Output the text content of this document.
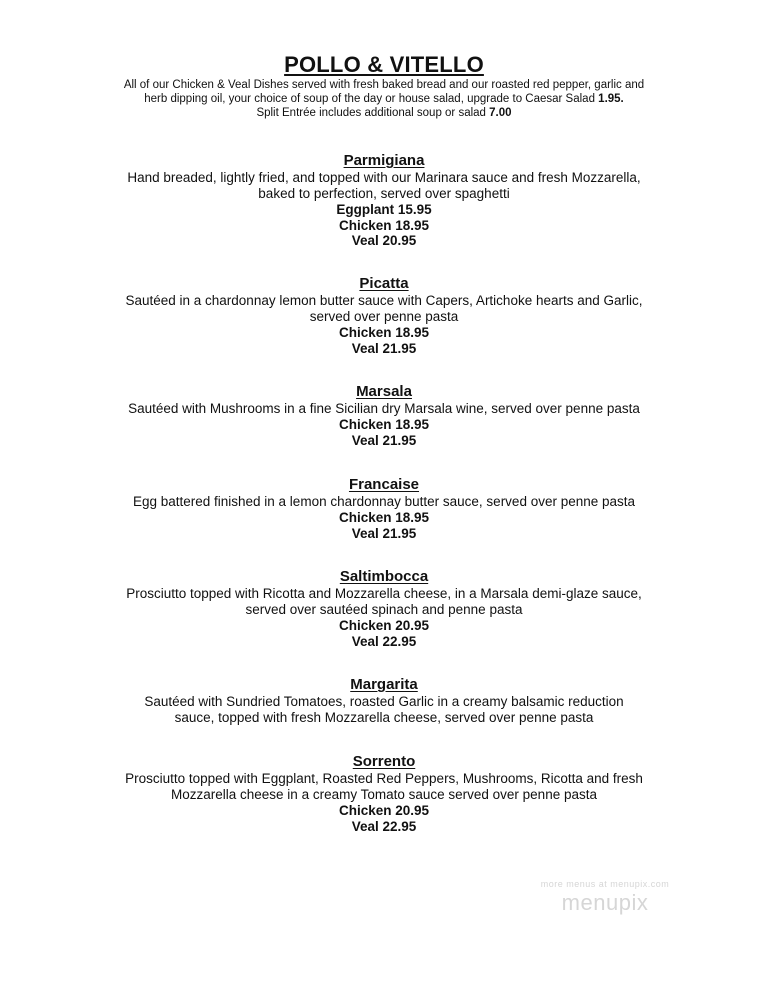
POLLO & VITELLO
All of our Chicken & Veal Dishes served with fresh baked bread and our roasted red pepper, garlic and
herb dipping oil, your choice of soup of the day or house salad, upgrade to Caesar Salad 1.95.
Split Entrée includes additional soup or salad 7.00
Parmigiana
Hand breaded, lightly fried, and topped with our Marinara sauce and fresh Mozzarella,
baked to perfection, served over spaghetti
Eggplant 15.95
Chicken 18.95
Veal 20.95
Picatta
Sautéed in a chardonnay lemon butter sauce with Capers, Artichoke hearts and Garlic,
served over penne pasta
Chicken 18.95
Veal 21.95
Marsala
Sautéed with Mushrooms in a fine Sicilian dry Marsala wine, served over penne pasta
Chicken 18.95
Veal 21.95
Francaise
Egg battered finished in a lemon chardonnay butter sauce, served over penne pasta
Chicken 18.95
Veal 21.95
Saltimbocca
Prosciutto topped with Ricotta and Mozzarella cheese, in a Marsala demi-glaze sauce,
served over sautéed spinach and penne pasta
Chicken 20.95
Veal 22.95
Margarita
Sautéed with Sundried Tomatoes, roasted Garlic in a creamy balsamic reduction
sauce, topped with fresh Mozzarella cheese, served over penne pasta
Sorrento
Prosciutto topped with Eggplant, Roasted Red Peppers, Mushrooms, Ricotta and fresh
Mozzarella cheese in a creamy Tomato sauce served over penne pasta
Chicken 20.95
Veal 22.95
more menus at menupix.com
menupix
